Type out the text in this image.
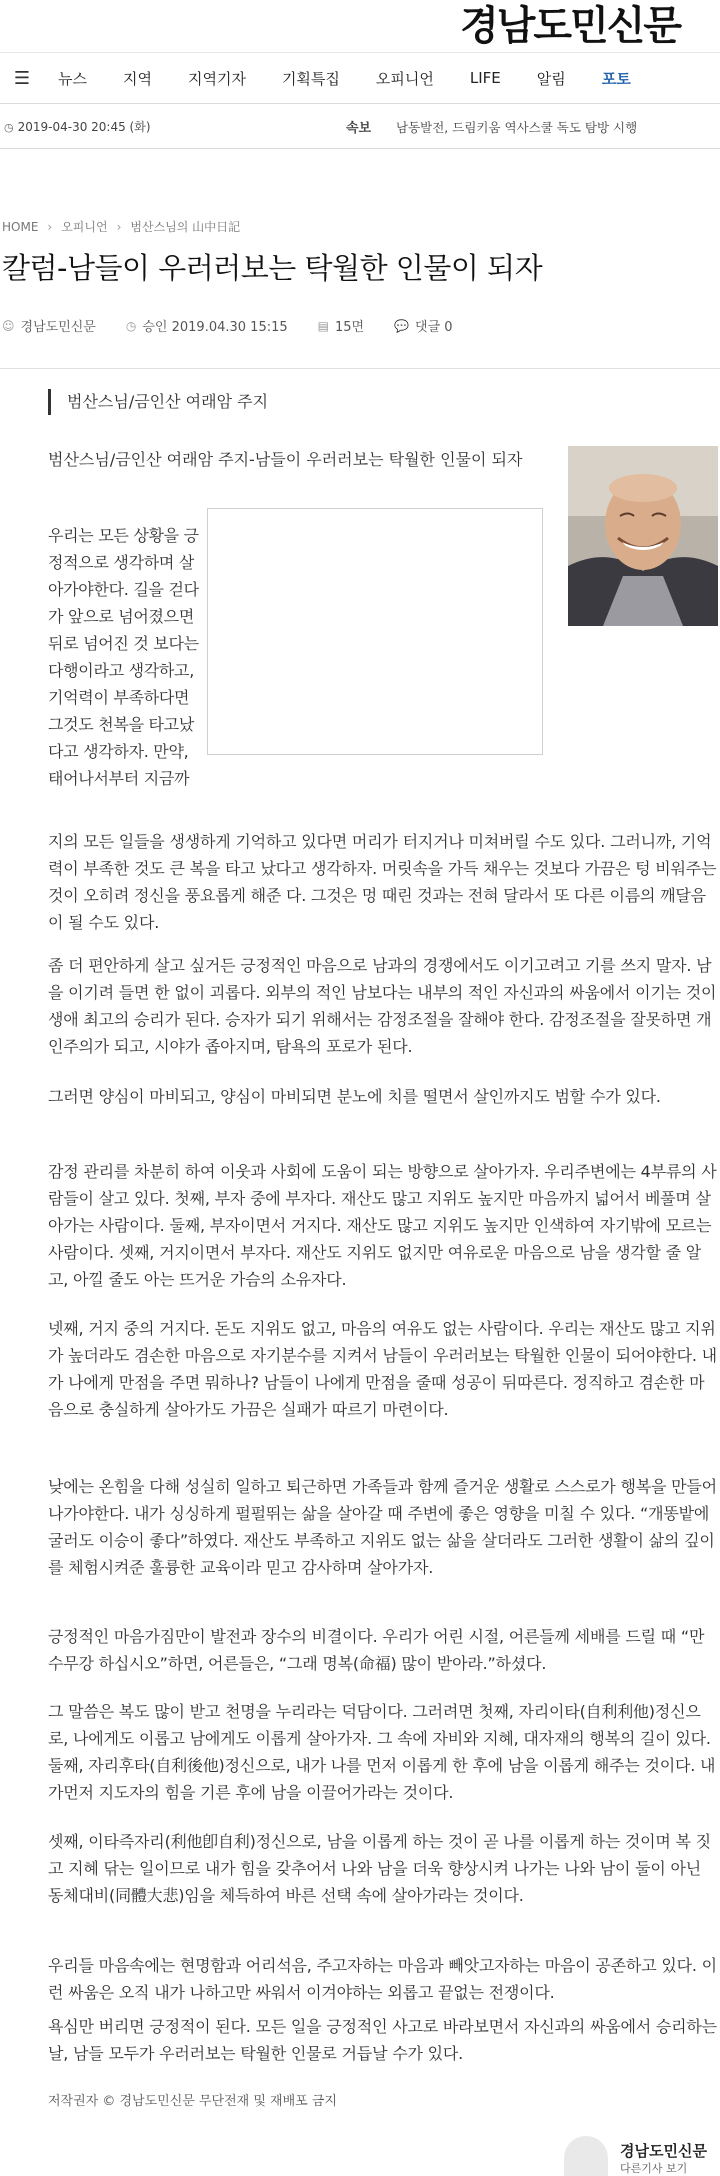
경남도민신문
☰	뉴스 지역 지역기자 기획특집 오피니언 LIFE 알림 포토
◷ 2019-04-30 20:45 (화)	속보 남동발전, 드림키움 역사스쿨 독도 탐방 시행
HOME › 오피니언 › 범산스님의 山中日記
칼럼-남들이 우러러보는 탁월한 인물이 되자
☺ 경남도민신문	◷ 승인 2019.04.30 15:15	▤ 15면	💬 댓글 0
범산스님/금인산 여래암 주지
범산스님/금인산 여래암 주지-남들이 우러러보는 탁월한 인물이 되자
우리는 모든 상황을 긍정적으로 생각하며 살아가야한다. 길을 걷다가 앞으로 넘어졌으면 뒤로 넘어진 것 보다는 다행이라고 생각하고, 기억력이 부족하다면 그것도 천복을 타고났다고 생각하자. 만약, 태어나서부터 지금까
지의 모든 일들을 생생하게 기억하고 있다면 머리가 터지거나 미쳐버릴 수도 있다. 그러니까, 기억력이 부족한 것도 큰 복을 타고 났다고 생각하자. 머릿속을 가득 채우는 것보다 가끔은 텅 비워주는 것이 오히려 정신을 풍요롭게 해준 다. 그것은 멍 때린 것과는 전혀 달라서 또 다른 이름의 깨달음이 될 수도 있다.
좀 더 편안하게 살고 싶거든 긍정적인 마음으로 남과의 경쟁에서도 이기고려고 기를 쓰지 말자. 남을 이기려 들면 한 없이 괴롭다. 외부의 적인 남보다는 내부의 적인 자신과의 싸움에서 이기는 것이 생애 최고의 승리가 된다. 승자가 되기 위해서는 감정조절을 잘해야 한다. 감정조절을 잘못하면 개인주의가 되고, 시야가 좁아지며, 탐욕의 포로가 된다.
그러면 양심이 마비되고, 양심이 마비되면 분노에 치를 떨면서 살인까지도 범할 수가 있다.
감정 관리를 차분히 하여 이웃과 사회에 도움이 되는 방향으로 살아가자. 우리주변에는 4부류의 사람들이 살고 있다. 첫째, 부자 중에 부자다. 재산도 많고 지위도 높지만 마음까지 넓어서 베풀며 살아가는 사람이다. 둘째, 부자이면서 거지다. 재산도 많고 지위도 높지만 인색하여 자기밖에 모르는 사람이다. 셋째, 거지이면서 부자다. 재산도 지위도 없지만 여유로운 마음으로 남을 생각할 줄 알고, 아낄 줄도 아는 뜨거운 가슴의 소유자다.
넷째, 거지 중의 거지다. 돈도 지위도 없고, 마음의 여유도 없는 사람이다. 우리는 재산도 많고 지위가 높더라도 겸손한 마음으로 자기분수를 지켜서 남들이 우러러보는 탁월한 인물이 되어야한다. 내가 나에게 만점을 주면 뭐하나? 남들이 나에게 만점을 줄때 성공이 뒤따른다. 정직하고 겸손한 마음으로 충실하게 살아가도 가끔은 실패가 따르기 마련이다.
낮에는 온힘을 다해 성실히 일하고 퇴근하면 가족들과 함께 즐거운 생활로 스스로가 행복을 만들어 나가야한다. 내가 싱싱하게 펄펄뛰는 삶을 살아갈 때 주변에 좋은 영향을 미칠 수 있다. “개똥밭에 굴러도 이승이 좋다”하였다. 재산도 부족하고 지위도 없는 삶을 살더라도 그러한 생활이 삶의 깊이를 체험시켜준 훌륭한 교육이라 믿고 감사하며 살아가자.
긍정적인 마음가짐만이 발전과 장수의 비결이다. 우리가 어린 시절, 어른들께 세배를 드릴 때 “만수무강 하십시오”하면, 어른들은, “그래 명복(命福) 많이 받아라.”하셨다.
그 말씀은 복도 많이 받고 천명을 누리라는 덕담이다. 그러려면 첫째, 자리이타(自利利他)정신으로, 나에게도 이롭고 남에게도 이롭게 살아가자. 그 속에 자비와 지혜, 대자재의 행복의 길이 있다. 둘째, 자리후타(自利後他)정신으로, 내가 나를 먼저 이롭게 한 후에 남을 이롭게 해주는 것이다. 내가먼저 지도자의 힘을 기른 후에 남을 이끌어가라는 것이다.
셋째, 이타즉자리(利他卽自利)정신으로, 남을 이롭게 하는 것이 곧 나를 이롭게 하는 것이며 복 짓고 지혜 닦는 일이므로 내가 힘을 갖추어서 나와 남을 더욱 향상시켜 나가는 나와 남이 둘이 아닌 동체대비(同體大悲)임을 체득하여 바른 선택 속에 살아가라는 것이다.
우리들 마음속에는 현명함과 어리석음, 주고자하는 마음과 빼앗고자하는 마음이 공존하고 있다. 이런 싸움은 오직 내가 나하고만 싸워서 이겨야하는 외롭고 끝없는 전쟁이다.
욕심만 버리면 긍정적이 된다. 모든 일을 긍정적인 사고로 바라보면서 자신과의 싸움에서 승리하는 날, 남들 모두가 우러러보는 탁월한 인물로 거듭날 수가 있다.
저작권자 © 경남도민신문 무단전재 및 재배포 금지
경남도민신문
다른기사 보기
